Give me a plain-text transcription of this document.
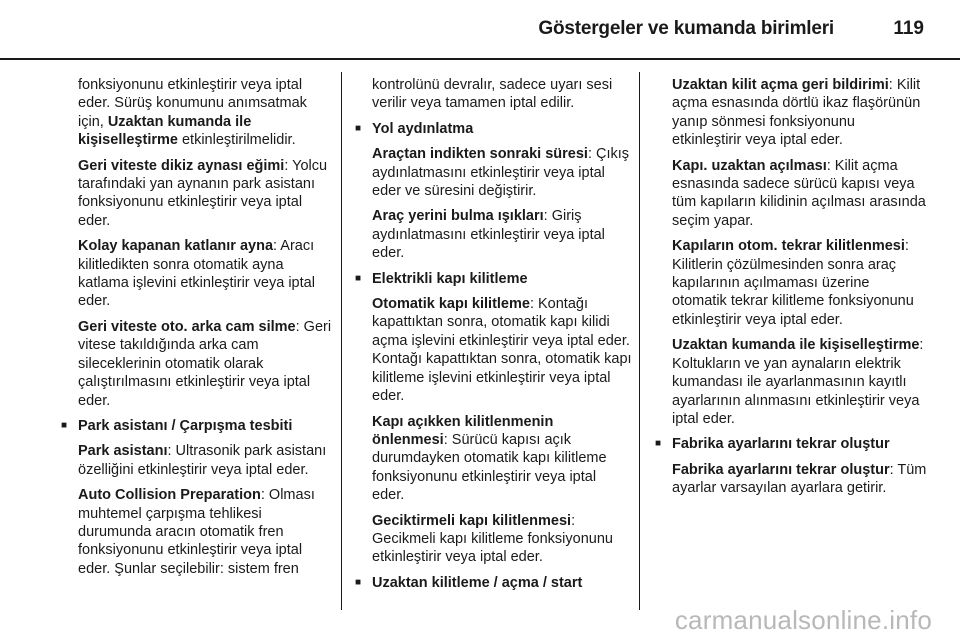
Göstergeler ve kumanda birimleri	119

fonksiyonunu etkinleştirir veya iptal eder. Sürüş konumunu anımsatmak için, Uzaktan kumanda ile kişiselleştirme etkinleştirilmelidir.

Geri viteste dikiz aynası eğimi: Yolcu tarafındaki yan aynanın park asistanı fonksiyonunu etkinleştirir veya iptal eder.

Kolay kapanan katlanır ayna: Aracı kilitledikten sonra otomatik ayna katlama işlevini etkinleştirir veya iptal eder.

Geri viteste oto. arka cam silme: Geri vitese takıldığında arka cam sileceklerinin otomatik olarak çalıştırılmasını etkinleştirir veya iptal eder.

■ Park asistanı / Çarpışma tesbiti

Park asistanı: Ultrasonik park asistanı özelliğini etkinleştirir veya iptal eder.

Auto Collision Preparation: Olması muhtemel çarpışma tehlikesi durumunda aracın otomatik fren fonksiyonunu etkinleştirir veya iptal eder. Şunlar seçilebilir: sistem fren

kontrolünü devralır, sadece uyarı sesi verilir veya tamamen iptal edilir.

■ Yol aydınlatma

Araçtan indikten sonraki süresi: Çıkış aydınlatmasını etkinleştirir veya iptal eder ve süresini değiştirir.

Araç yerini bulma ışıkları: Giriş aydınlatmasını etkinleştirir veya iptal eder.

■ Elektrikli kapı kilitleme

Otomatik kapı kilitleme: Kontağı kapattıktan sonra, otomatik kapı kilidi açma işlevini etkinleştirir veya iptal eder. Kontağı kapattıktan sonra, otomatik kapı kilitleme işlevini etkinleştirir veya iptal eder.

Kapı açıkken kilitlenmenin önlenmesi: Sürücü kapısı açık durumdayken otomatik kapı kilitleme fonksiyonunu etkinleştirir veya iptal eder.

Geciktirmeli kapı kilitlenmesi: Gecikmeli kapı kilitleme fonksiyonunu etkinleştirir veya iptal eder.

■ Uzaktan kilitleme / açma / start

Uzaktan kilit açma geri bildirimi: Kilit açma esnasında dörtlü ikaz flaşörünün yanıp sönmesi fonksiyonunu etkinleştirir veya iptal eder.

Kapı. uzaktan açılması: Kilit açma esnasında sadece sürücü kapısı veya tüm kapıların kilidinin açılması arasında seçim yapar.

Kapıların otom. tekrar kilitlenmesi: Kilitlerin çözülmesinden sonra araç kapılarının açılmaması üzerine otomatik tekrar kilitleme fonksiyonunu etkinleştirir veya iptal eder.

Uzaktan kumanda ile kişiselleştirme: Koltukların ve yan aynaların elektrik kumandası ile ayarlanmasının kayıtlı ayarlarının alınmasını etkinleştirir veya iptal eder.

■ Fabrika ayarlarını tekrar oluştur

Fabrika ayarlarını tekrar oluştur: Tüm ayarlar varsayılan ayarlara getirir.

carmanualsonline.info
